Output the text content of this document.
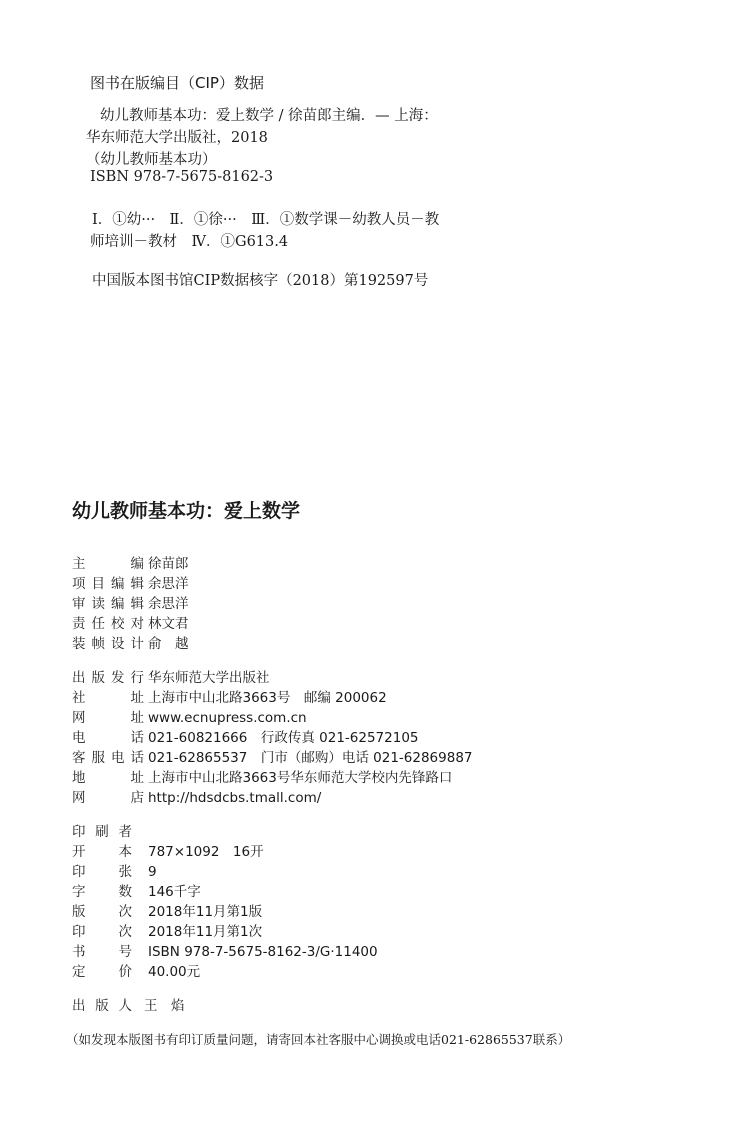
图书在版编目（CIP）数据
幼儿教师基本功：爱上数学 / 徐苗郎主编．— 上海：
华东师范大学出版社，2018
（幼儿教师基本功）
ISBN 978-7-5675-8162-3
Ⅰ．①幼···　Ⅱ．①徐···　Ⅲ．①数学课－幼教人员－教
师培训－教材　Ⅳ．①G613.4
中国版本图书馆CIP数据核字（2018）第192597号
幼儿教师基本功：爱上数学
主　编 徐苗郎
项目编辑 余思洋
审读编辑 余思洋
责任校对 林文君
装帧设计 俞　越
出版发行 华东师范大学出版社
社　址 上海市中山北路3663号　邮编 200062
网　址 www.ecnupress.com.cn
电　话 021-60821666　行政传真 021-62572105
客服电话 021-62865537　门市（邮购）电话 021-62869887
地　址 上海市中山北路3663号华东师范大学校内先锋路口
网　店 http://hdsdcbs.tmall.com/
印刷者
开　本 787×1092　16开
印　张 9
字　数 146千字
版　次 2018年11月第1版
印　次 2018年11月第1次
书　号 ISBN 978-7-5675-8162-3/G·11400
定　价 40.00元
出版人 王　焰
（如发现本版图书有印订质量问题，请寄回本社客服中心调换或电话021-62865537联系）
